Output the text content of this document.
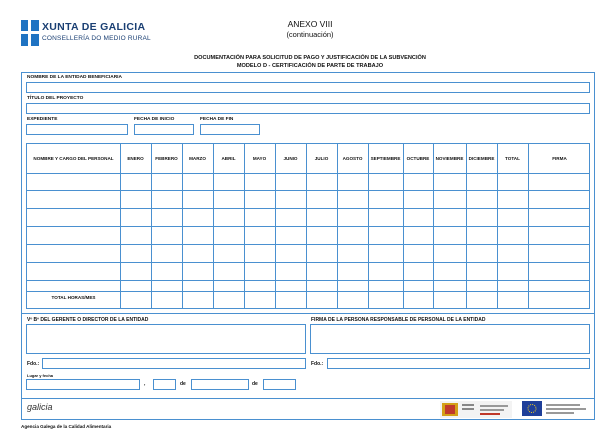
XUNTA DE GALICIA
CONSELLERÍA DO MEDIO RURAL
ANEXO VIII
(continuación)
DOCUMENTACIÓN PARA SOLICITUD DE PAGO Y JUSTIFICACIÓN DE LA SUBVENCIÓN
MODELO D - CERTIFICACIÓN DE PARTE DE TRABAJO
NOMBRE DE LA ENTIDAD BENEFICIARIA
TÍTULO DEL PROYECTO
EXPEDIENTE	FECHA DE INICIO	FECHA DE FIN
NOMBRE Y CARGO DEL PERSONAL	ENERO	FEBRERO	MARZO	ABRIL	MAYO	JUNIO	JULIO	AGOSTO	SEPTIEMBRE	OCTUBRE	NOVIEMBRE	DICIEMBRE	TOTAL	FIRMA
TOTAL HORAS/MES
Vº Bº DEL GERENTE O DIRECTOR DE LA ENTIDAD	FIRMA DE LA PERSONA RESPONSABLE DE PERSONAL DE LA ENTIDAD
Fdo.:	Fdo.:
Lugar y fecha
,	de	de
galicia
Agencia Galega de la Calidad Alimentaria
